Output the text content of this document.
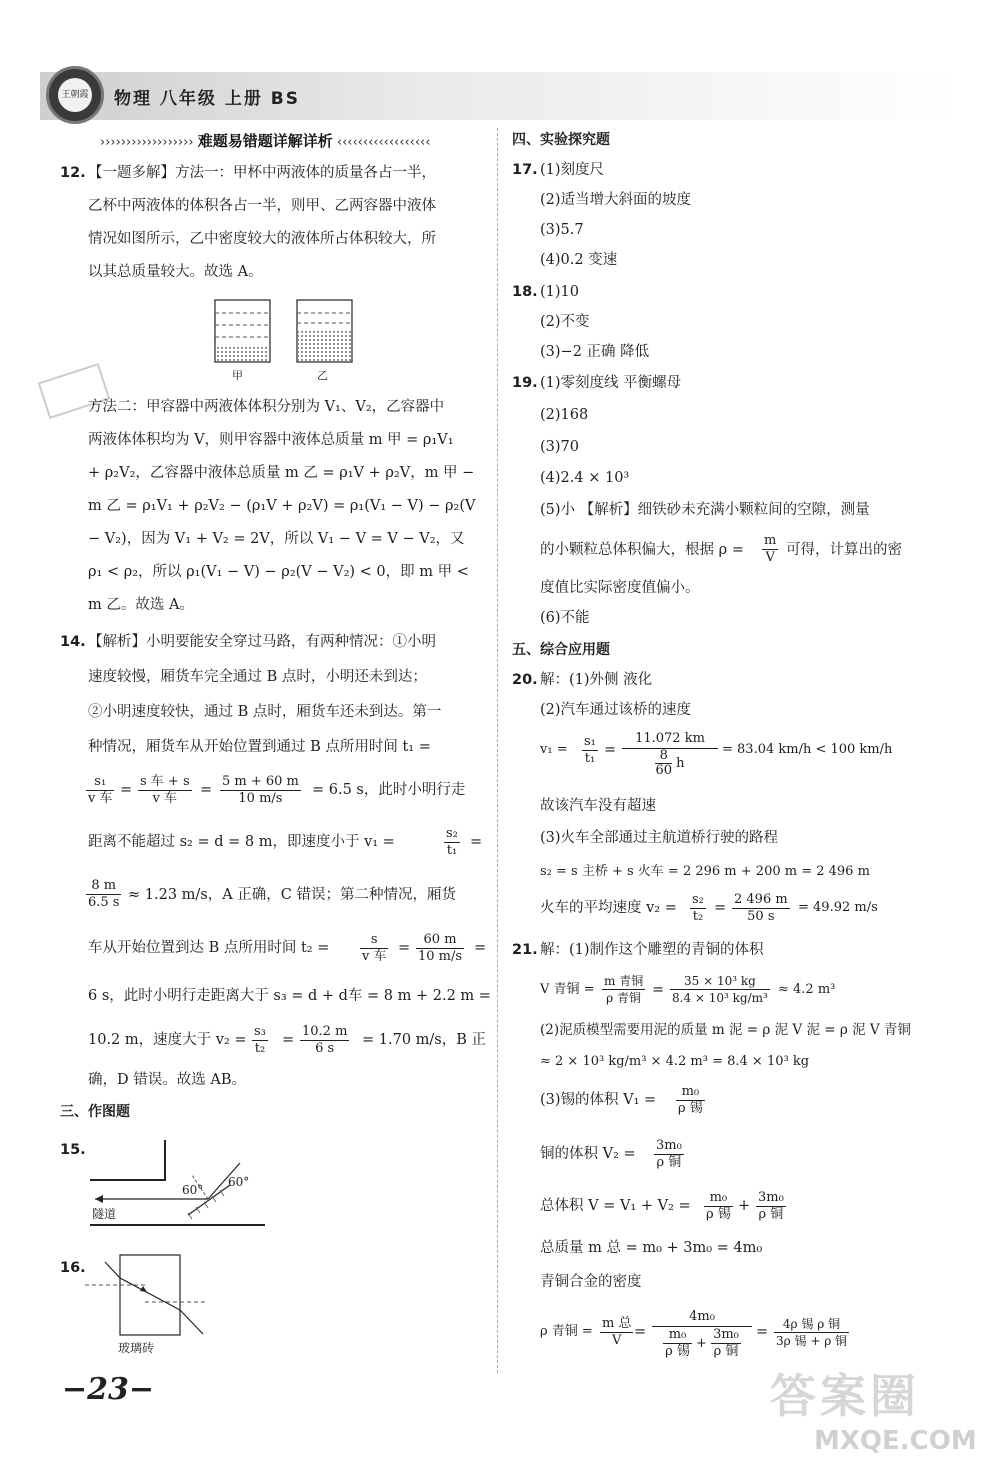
王朝霞 物理 八年级 上册 BS
›››››››››››››››››› 难题易错题详解详析 ‹‹‹‹‹‹‹‹‹‹‹‹‹‹‹‹‹‹
12. 【一题多解】方法一：甲杯中两液体的质量各占一半，
乙杯中两液体的体积各占一半，则甲、乙两容器中液体
情况如图所示，乙中密度较大的液体所占体积较大，所
以其总质量较大。故选 A。
甲	乙
方法二：甲容器中两液体体积分别为 V₁、V₂，乙容器中
两液体体积均为 V，则甲容器中液体总质量 m 甲 = ρ₁V₁
+ ρ₂V₂，乙容器中液体总质量 m 乙 = ρ₁V + ρ₂V，m 甲 −
m 乙 = ρ₁V₁ + ρ₂V₂ − (ρ₁V + ρ₂V) = ρ₁(V₁ − V) − ρ₂(V
− V₂)，因为 V₁ + V₂ = 2V，所以 V₁ − V = V − V₂，又
ρ₁ < ρ₂，所以 ρ₁(V₁ − V) − ρ₂(V − V₂) < 0，即 m 甲 <
m 乙。故选 A。
14. 【解析】小明要能安全穿过马路，有两种情况：①小明
速度较慢，厢货车完全通过 B 点时，小明还未到达；
②小明速度较快，通过 B 点时，厢货车还未到达。第一
种情况，厢货车从开始位置到通过 B 点所用时间 t₁ =
s₁
v 车
=
s 车 + s
v 车
=
5 m + 60 m
10 m/s
= 6.5 s，此时小明行走
距离不能超过 s₂ = d = 8 m，即速度小于 v₁ =
s₂
t₁
=
8 m
6.5 s ≈ 1.23 m/s，A 正确，C 错误；第二种情况，厢货
车从开始位置到达 B 点所用时间 t₂ =
s
v 车
=
60 m
10 m/s
=
6 s，此时小明行走距离大于 s₃ = d + d车 = 8 m + 2.2 m =
10.2 m，速度大于 v₂ =
s₃
t₂
=
10.2 m
6 s
= 1.70 m/s，B 正
确，D 错误。故选 AB。
三、作图题
15.
60°
60°
隧道
16.
玻璃砖
−23−
四、实验探究题
17. (1)刻度尺
(2)适当增大斜面的坡度
(3)5.7
(4)0.2 变速
18. (1)10
(2)不变
(3)−2 正确 降低
19. (1)零刻度线 平衡螺母
(2)168
(3)70
(4)2.4 × 10³
(5)小 【解析】细铁砂未充满小颗粒间的空隙，测量
的小颗粒总体积偏大，根据 ρ =
m
V 可得，计算出的密
度值比实际密度值偏小。
(6)不能
五、综合应用题
20. 解：(1)外侧 液化
(2)汽车通过该桥的速度
v₁ =
s₁
t₁
=
11.072 km
$\frac{8}{60}$ h
= 83.04 km/h < 100 km/h
故该汽车没有超速
(3)火车全部通过主航道桥行驶的路程
s₂ = s 主桥 + s 火车 = 2 296 m + 200 m = 2 496 m
火车的平均速度 v₂ =
s₂
t₂
=
2 496 m
50 s
= 49.92 m/s
21. 解：(1)制作这个雕塑的青铜的体积
V 青铜 =
m 青铜
ρ 青铜 =
35 × 10³ kg
8.4 × 10³ kg/m³
≈ 4.2 m³
(2)泥质模型需要用泥的质量 m 泥 = ρ 泥 V 泥 = ρ 泥 V 青铜
≈ 2 × 10³ kg/m³ × 4.2 m³ = 8.4 × 10³ kg
(3)锡的体积 V₁ =
m₀
ρ 锡
铜的体积 V₂ =
3m₀
ρ 铜
总体积 V = V₁ + V₂ =
m₀
ρ 锡
+
3m₀
ρ 铜
总质量 m 总 = m₀ + 3m₀ = 4m₀
青铜合金的密度
ρ 青铜 =
m 总
V
=
4m₀
m₀
ρ 锡
+
3m₀
ρ 铜
=	4ρ 锡 ρ 铜
3ρ 锡 + ρ 铜
答案圈
MXQE.COM
